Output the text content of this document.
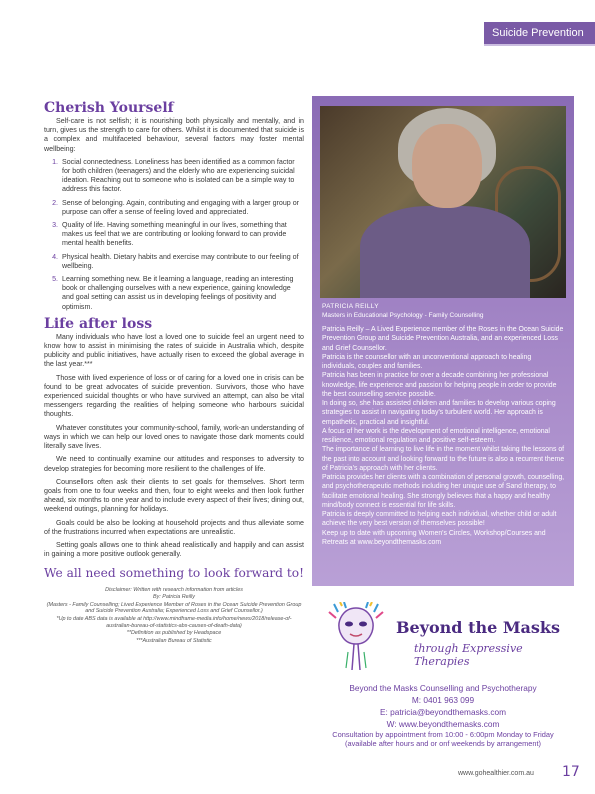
Suicide Prevention
Cherish Yourself

Self-care is not selfish; it is nourishing both physically and mentally, and in turn, gives us the strength to care for others. Whilst it is documented that suicide is a complex and multifaceted behaviour, several factors may foster mental wellbeing:

1. Social connectedness. Loneliness has been identified as a common factor for both children (teenagers) and the elderly who are experiencing suicidal ideation. Reaching out to someone who is isolated can be a simple way to address this factor.
2. Sense of belonging. Again, contributing and engaging with a larger group or purpose can offer a sense of feeling loved and appreciated.
3. Quality of life. Having something meaningful in our lives, something that makes us feel that we are contributing or looking forward to can provide mental health benefits.
4. Physical health. Dietary habits and exercise may contribute to our feeling of wellbeing.
5. Learning something new. Be it learning a language, reading an interesting book or challenging ourselves with a new experience, gaining knowledge and goal setting can assist us in developing feelings of positivity and optimism.
Life after loss

Many individuals who have lost a loved one to suicide feel an urgent need to know how to assist in minimising the rates of suicide in Australia which, despite publicity and public initiatives, have actually risen to exceed the global average in the last year.***

Those with lived experience of loss or of caring for a loved one in crisis can be found to be great advocates of suicide prevention. Survivors, those who have experienced suicidal thoughts or who have survived an attempt, can also be vital messengers regarding the realities of helping someone who harbours suicidal thoughts.

Whatever constitutes your community-school, family, work-an understanding of ways in which we can help our loved ones to navigate those dark moments could literally save lives.

We need to continually examine our attitudes and responses to adversity to develop strategies for becoming more resilient to the challenges of life.

Counsellors often ask their clients to set goals for themselves. Short term goals from one to four weeks and then, four to eight weeks and then look further ahead, six months to one year and to include every aspect of their lives; dining out, weekend outings, planning for holidays.

Goals could be also be looking at household projects and thus alleviate some of the frustrations incurred when expectations are unrealistic.

Setting goals allows one to think ahead realistically and happily and can assist in gaining a more positive outlook generally.

We all need something to look forward to!
Disclaimer: Written with research information from articles
By: Patricia Reilly
(Masters - Family Counselling; Lived Experience Member of Roses in the Ocean Suicide Prevention Group and Suicide Prevention Australia; Experienced Loss and Grief Counsellor.)
*Up to date ABS data is available at http://www.mindframe-media.info/home/news/2018/release-of-australian-bureau-of-statistics-abs-causes-of-death-data)
**Definition as published by Headspace
***Australian Bureau of Statistic
PATRICIA REILLY
Masters in Educational Psychology - Family Counselling
Patricia Reilly – A Lived Experience member of the Roses in the Ocean Suicide Prevention Group and Suicide Prevention Australia, and an experienced Loss and Grief Counsellor.
Patricia is the counsellor with an unconventional approach to healing individuals, couples and families.
Patricia has been in practice for over a decade combining her professional knowledge, life experience and passion for helping people in order to provide the best counselling service possible.
In doing so, she has assisted children and families to develop various coping strategies to assist in navigating today's turbulent world. Her approach is empathetic, practical and insightful.
A focus of her work is the development of emotional intelligence, emotional resilience, emotional regulation and positive self-esteem.
The importance of learning to live life in the moment whilst taking the lessons of the past into account and looking forward to the future is also a recurrent theme of Patricia's approach with her clients.
Patricia provides her clients with a combination of personal growth, counselling, and psychotherapeutic methods including her unique use of Sand therapy, to facilitate emotional healing. She strongly believes that a happy and healthy mind/body connect is essential for life skills.
Patricia is deeply committed to helping each individual, whether child or adult achieve the very best version of themselves possible!
Keep up to date with upcoming Women's Circles, Workshop/Courses and Retreats at www.beyondthemasks.com
Beyond the Masks
through Expressive Therapies
Beyond the Masks Counselling and Psychotherapy
M: 0401 963 099
E: patricia@beyondthemasks.com
W: www.beyondthemasks.com
Consultation by appointment from 10:00 - 6:00pm Monday to Friday
(available after hours and or onf weekends by arrangement)
www.gohealthier.com.au 17
